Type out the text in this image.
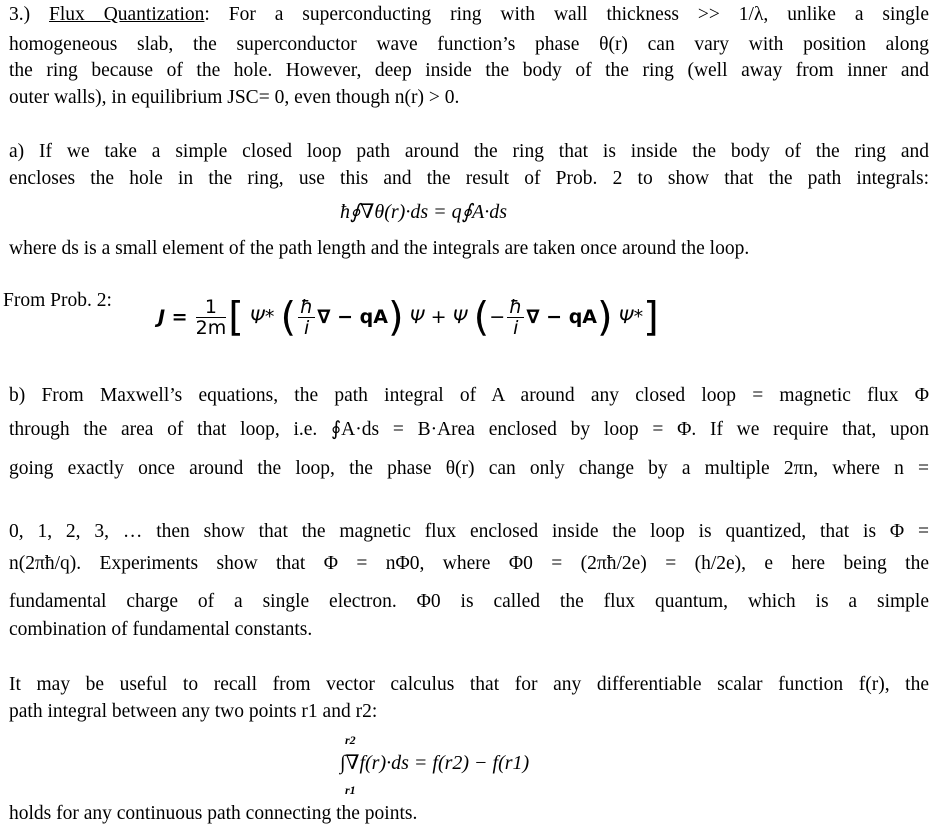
3.) Flux Quantization: For a superconducting ring with wall thickness >> 1/λ, unlike a single
homogeneous slab, the superconductor wave function’s phase θ(r) can vary with position along
the ring because of the hole. However, deep inside the body of the ring (well away from inner and
outer walls), in equilibrium JSC= 0, even though n(r) > 0.
a) If we take a simple closed loop path around the ring that is inside the body of the ring and
encloses the hole in the ring, use this and the result of Prob. 2 to show that the path integrals:
ħ∮∇θ(r)·ds = q∮A·ds
where ds is a small element of the path length and the integrals are taken once around the loop.
From Prob. 2:
$J = \frac{1}{2m}$ [ Ψ* ( $\frac{ħ}{i}$ ∇ − qA) Ψ + Ψ (− $\frac{ħ}{i}$ ∇ − qA) Ψ*]
b) From Maxwell’s equations, the path integral of A around any closed loop = magnetic flux Φ
through the area of that loop, i.e. ∮A·ds = B·Area enclosed by loop = Φ. If we require that, upon
going exactly once around the loop, the phase θ(r) can only change by a multiple 2πn, where n =
0, 1, 2, 3, … then show that the magnetic flux enclosed inside the loop is quantized, that is Φ =
n(2πħ/q). Experiments show that Φ = nΦ0, where Φ0 = (2πħ/2e) = (h/2e), e here being the
fundamental charge of a single electron. Φ0 is called the flux quantum, which is a simple
combination of fundamental constants.
It may be useful to recall from vector calculus that for any differentiable scalar function f(r), the
path integral between any two points r1 and r2:
r2
∫∇f(r)·ds = f(r2) − f(r1)
r1
holds for any continuous path connecting the points.
